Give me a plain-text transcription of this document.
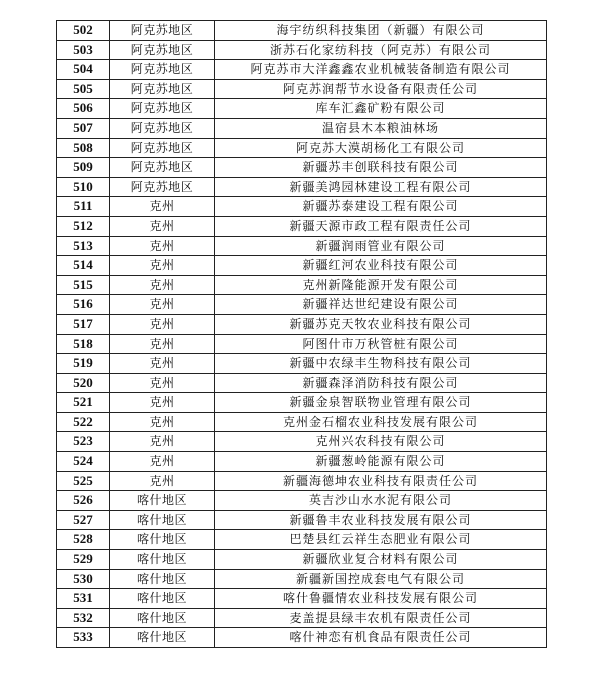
502	阿克苏地区	海宇纺织科技集团（新疆）有限公司
503	阿克苏地区	浙苏石化家纺科技（阿克苏）有限公司
504	阿克苏地区	阿克苏市大洋鑫鑫农业机械装备制造有限公司
505	阿克苏地区	阿克苏润帮节水设备有限责任公司
506	阿克苏地区	库车汇鑫矿粉有限公司
507	阿克苏地区	温宿县木本粮油林场
508	阿克苏地区	阿克苏大漠胡杨化工有限公司
509	阿克苏地区	新疆苏丰创联科技有限公司
510	阿克苏地区	新疆美鸿园林建设工程有限公司
511	克州	新疆苏泰建设工程有限公司
512	克州	新疆天源市政工程有限责任公司
513	克州	新疆润雨管业有限公司
514	克州	新疆红河农业科技有限公司
515	克州	克州新隆能源开发有限公司
516	克州	新疆祥达世纪建设有限公司
517	克州	新疆苏克天牧农业科技有限公司
518	克州	阿图什市万秋管桩有限公司
519	克州	新疆中农绿丰生物科技有限公司
520	克州	新疆森泽消防科技有限公司
521	克州	新疆金泉智联物业管理有限公司
522	克州	克州金石榴农业科技发展有限公司
523	克州	克州兴农科技有限公司
524	克州	新疆葱岭能源有限公司
525	克州	新疆海德坤农业科技有限责任公司
526	喀什地区	英吉沙山水水泥有限公司
527	喀什地区	新疆鲁丰农业科技发展有限公司
528	喀什地区	巴楚县红云祥生态肥业有限公司
529	喀什地区	新疆欣业复合材料有限公司
530	喀什地区	新疆新国控成套电气有限公司
531	喀什地区	喀什鲁疆情农业科技发展有限公司
532	喀什地区	麦盖提县绿丰农机有限责任公司
533	喀什地区	喀什神恋有机食品有限责任公司
